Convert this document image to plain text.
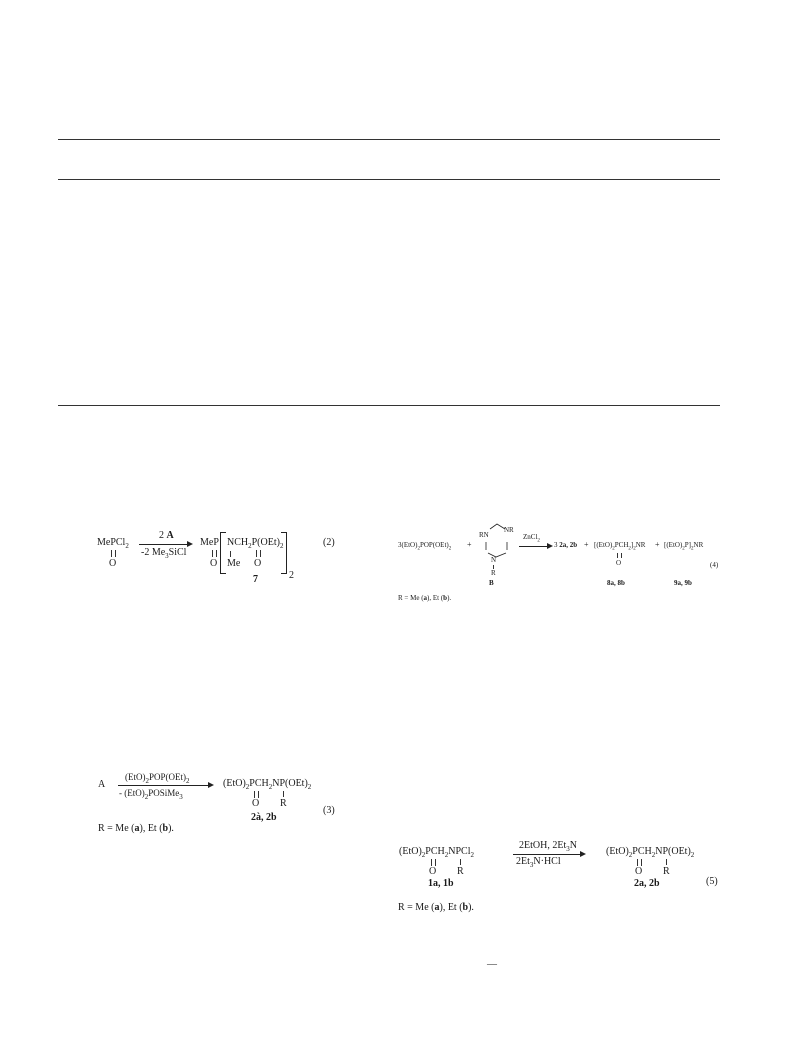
MePCl$_2$
O
2 A
-2 $Me_3SiCl$
MeP
O
$NCH_2P(OEt)_2$
Me O
2
7
(2)	$3(EtO)_2POP(OEt)_2$ +
RN
NR
N
R
B
ZnCl$_2$
3 2a, $2b + [(EtO)_2PCH_2]_2NR$
O
8a, 8b
+ $[(EtO)_2P]_2NR$
9a, 9b
(4)
R = Me (a), Et (b).
A
$(EtO)_2POP(OEt)_2$
- $(EtO)_2POSiMe_3$
$(EtO)_2PCH_2NP(OEt)_2$
O R
2à, 2b
(3)
R = Me (a), Et (b).
$(EtO)_2PCH_2NPCl_2$
O R
1a, 1b
2EtOH, $2Et_3N$
$2Et_3N\cdot HCl$
$(EtO)_2PCH_2NP(OEt)_2$
O R
2a, 2b	(5)
R = Me (a), Et (b).
—
